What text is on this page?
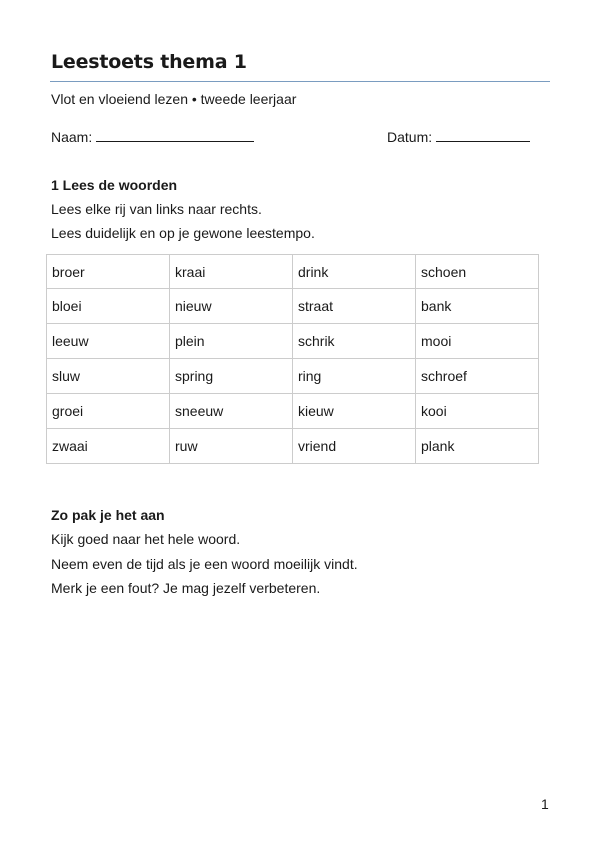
Leestoets thema 1
Vlot en vloeiend lezen • tweede leerjaar
Naam:	Datum:
1 Lees de woorden

Lees elke rij van links naar rechts.

Lees duidelijk en op je gewone leestempo.

broer	kraai	drink	schoen
bloei	nieuw	straat	bank
leeuw	plein	schrik	mooi
sluw	spring	ring	schroef
groei	sneeuw	kieuw	kooi
zwaai	ruw	vriend	plank
Zo pak je het aan

Kijk goed naar het hele woord.

Neem even de tijd als je een woord moeilijk vindt.

Merk je een fout? Je mag jezelf verbeteren.

1
